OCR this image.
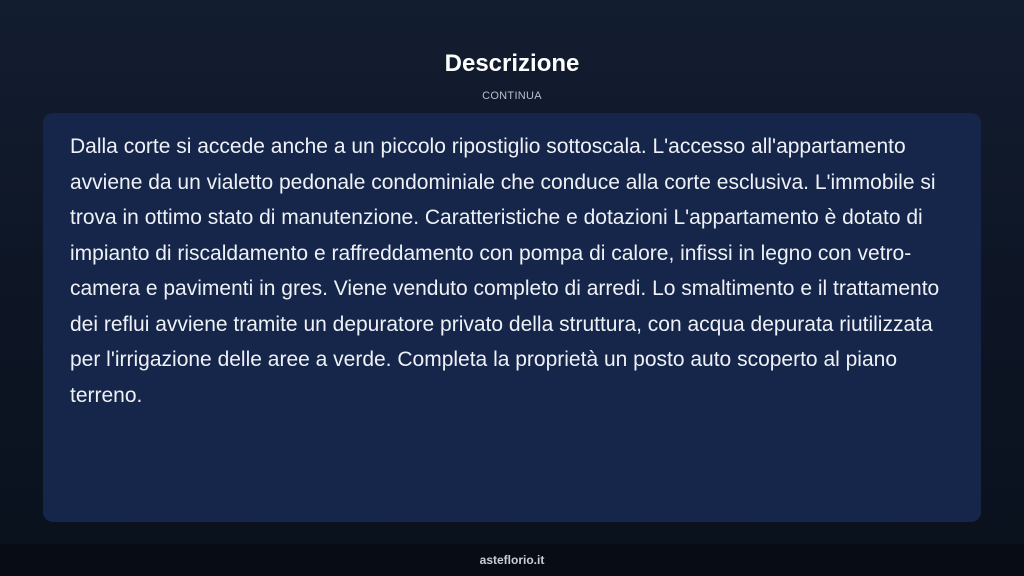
Descrizione
CONTINUA

Dalla corte si accede anche a un piccolo ripostiglio sottoscala. L'accesso all'appartamento avviene da un vialetto pedonale condominiale che conduce alla corte esclusiva. L'immobile si trova in ottimo stato di manutenzione. Caratteristiche e dotazioni L'appartamento è dotato di impianto di riscaldamento e raffreddamento con pompa di calore, infissi in legno con vetro-camera e pavimenti in gres. Viene venduto completo di arredi. Lo smaltimento e il trattamento dei reflui avviene tramite un depuratore privato della struttura, con acqua depurata riutilizzata per l'irrigazione delle aree a verde. Completa la proprietà un posto auto scoperto al piano terreno.

asteflorio.it
